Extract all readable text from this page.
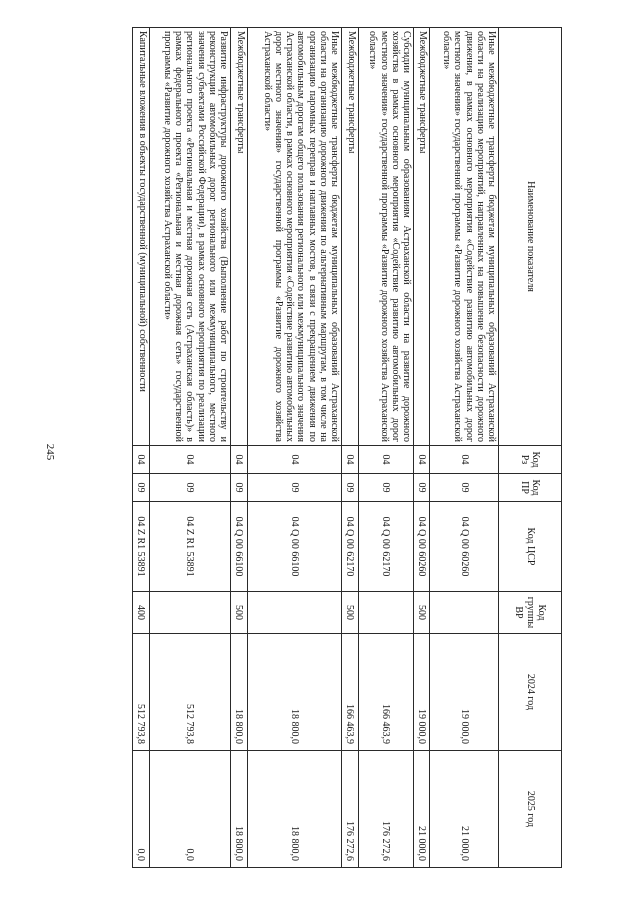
245
Наименование показателя	Код Рз	Код ПР	Код ЦСР	Код группы ВР	2024 год	2025 год
Иные межбюджетные трансферты бюджетам муниципальных образований Астраханской области на реализацию мероприятий, направленных на повышение безопасности дорожного движения, в рамках основного мероприятия «Содействие развитию автомобильных дорог местного значения» государственной программы «Развитие дорожного хозяйства Астраханской области»	04	09	04 Q 00 60260		19 000,0	21 000,0
Межбюджетные трансферты	04	09	04 Q 00 60260	500	19 000,0	21 000,0
Субсидии муниципальным образованиям Астраханской области на развитие дорожного хозяйства в рамках основного мероприятия «Содействие развитию автомобильных дорог местного значения» государственной программы «Развитие дорожного хозяйства Астраханской области»	04	09	04 Q 00 62170		166 463,9	176 272,6
Межбюджетные трансферты	04	09	04 Q 00 62170	500	166 463,9	176 272,6
Иные межбюджетные трансферты бюджетам муниципальных образований Астраханской области на организацию дорожного движения по альтернативным маршрутам, в том числе на организацию паромных переправ и наплавных мостов, в связи с прекращением движения по автомобильным дорогам общего пользования регионального или межмуниципального значения Астраханской области, в рамках основного мероприятия «Содействие развитию автомобильных дорог местного значения» государственной программы «Развитие дорожного хозяйства Астраханской области»	04	09	04 Q 00 66100		18 800,0	18 800,0
Межбюджетные трансферты	04	09	04 Q 00 66100	500	18 800,0	18 800,0
Развитие инфраструктуры дорожного хозяйства (Выполнение работ по строительству и реконструкции автомобильных дорог регионального или межмуниципального, местного значения субъектами Российской Федерации), в рамках основного мероприятия по реализации регионального проекта «Региональная и местная дорожная сеть (Астраханская область)» в рамках федерального проекта «Региональная и местная дорожная сеть» государственной программы «Развитие дорожного хозяйства Астраханской области»	04	09	04 Z R1 53891		512 793,8	0,0
Капитальные вложения в объекты государственной (муниципальной) собственности	04	09	04 Z R1 53891	400	512 793,8	0,0
